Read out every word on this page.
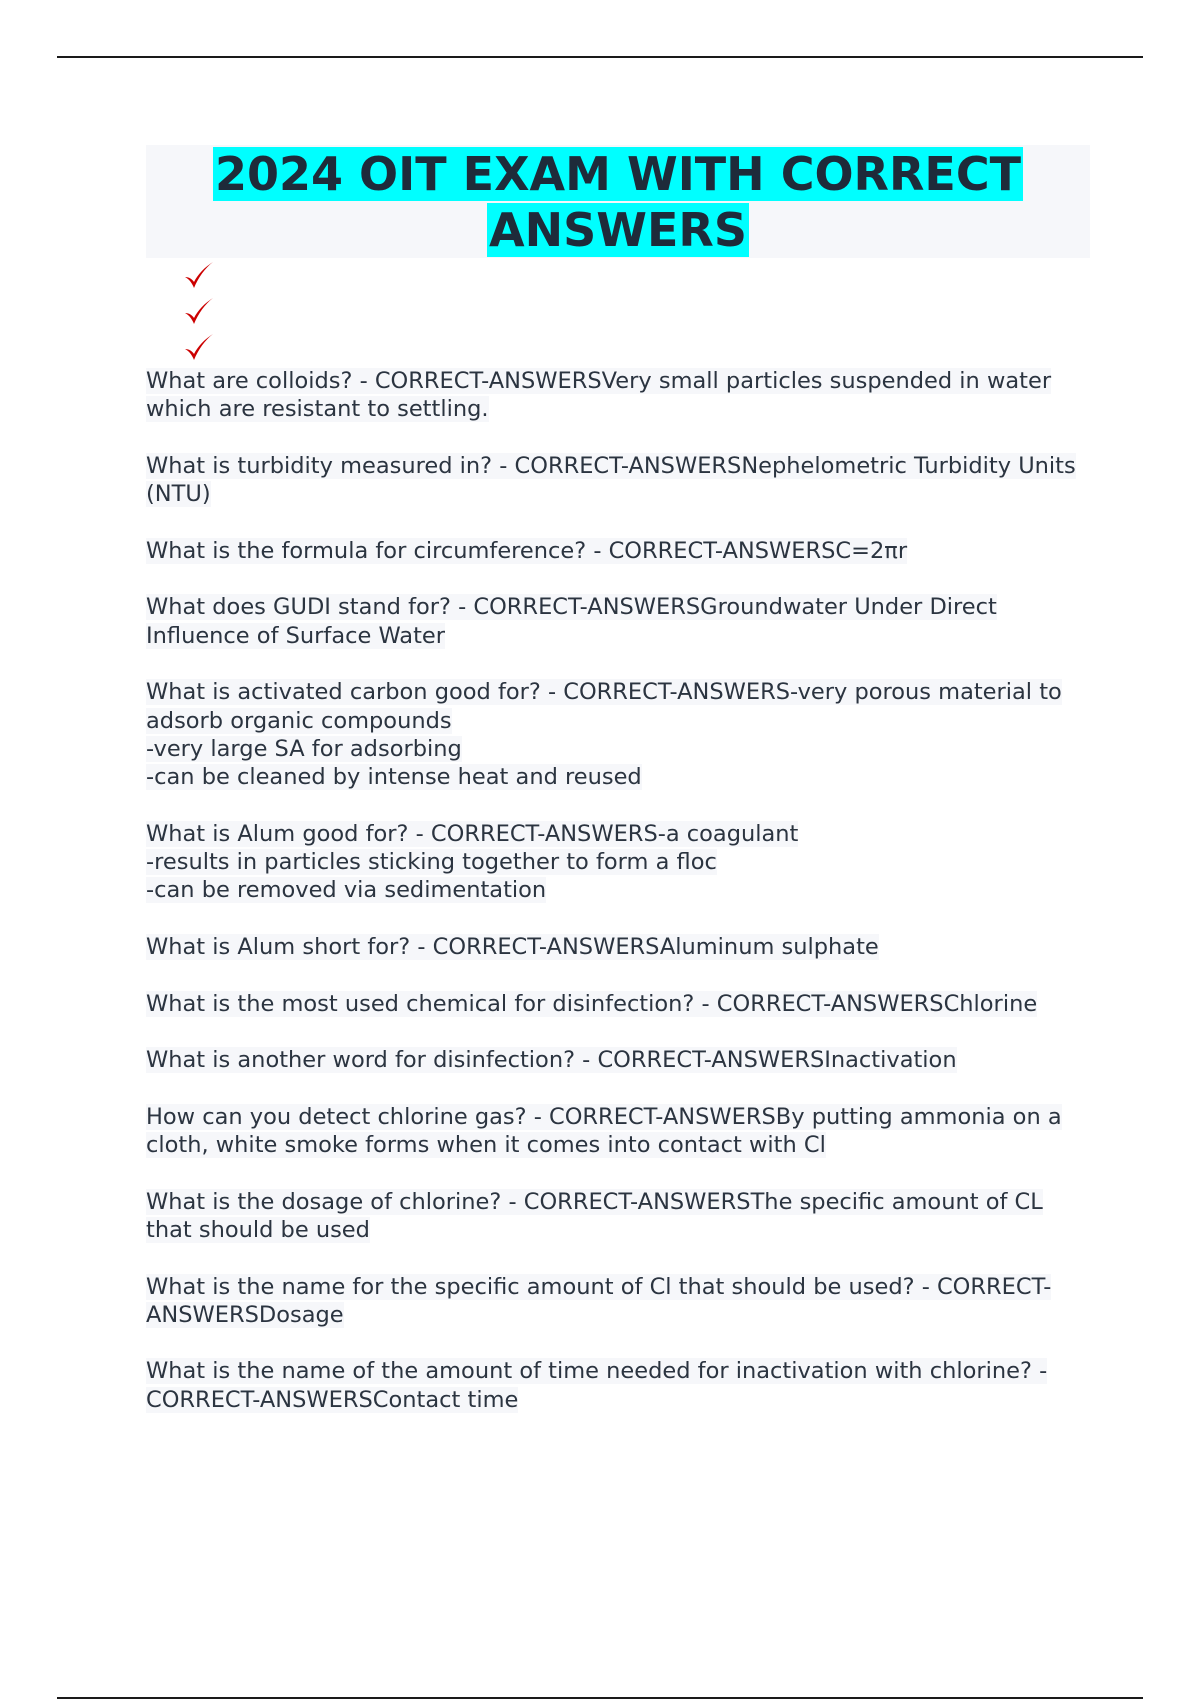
2024 OIT EXAM WITH CORRECT ANSWERS

What are colloids? - CORRECT-ANSWERSVery small particles suspended in water which are resistant to settling.

What is turbidity measured in? - CORRECT-ANSWERSNephelometric Turbidity Units (NTU)

What is the formula for circumference? - CORRECT-ANSWERSC=2πr

What does GUDI stand for? - CORRECT-ANSWERSGroundwater Under Direct Influence of Surface Water

What is activated carbon good for? - CORRECT-ANSWERS-very porous material to adsorb organic compounds
-very large SA for adsorbing
-can be cleaned by intense heat and reused

What is Alum good for? - CORRECT-ANSWERS-a coagulant
-results in particles sticking together to form a floc
-can be removed via sedimentation

What is Alum short for? - CORRECT-ANSWERSAluminum sulphate

What is the most used chemical for disinfection? - CORRECT-ANSWERSChlorine

What is another word for disinfection? - CORRECT-ANSWERSInactivation

How can you detect chlorine gas? - CORRECT-ANSWERSBy putting ammonia on a cloth, white smoke forms when it comes into contact with Cl

What is the dosage of chlorine? - CORRECT-ANSWERSThe specific amount of CL that should be used

What is the name for the specific amount of Cl that should be used? - CORRECT-ANSWERSDosage

What is the name of the amount of time needed for inactivation with chlorine? - CORRECT-ANSWERSContact time
